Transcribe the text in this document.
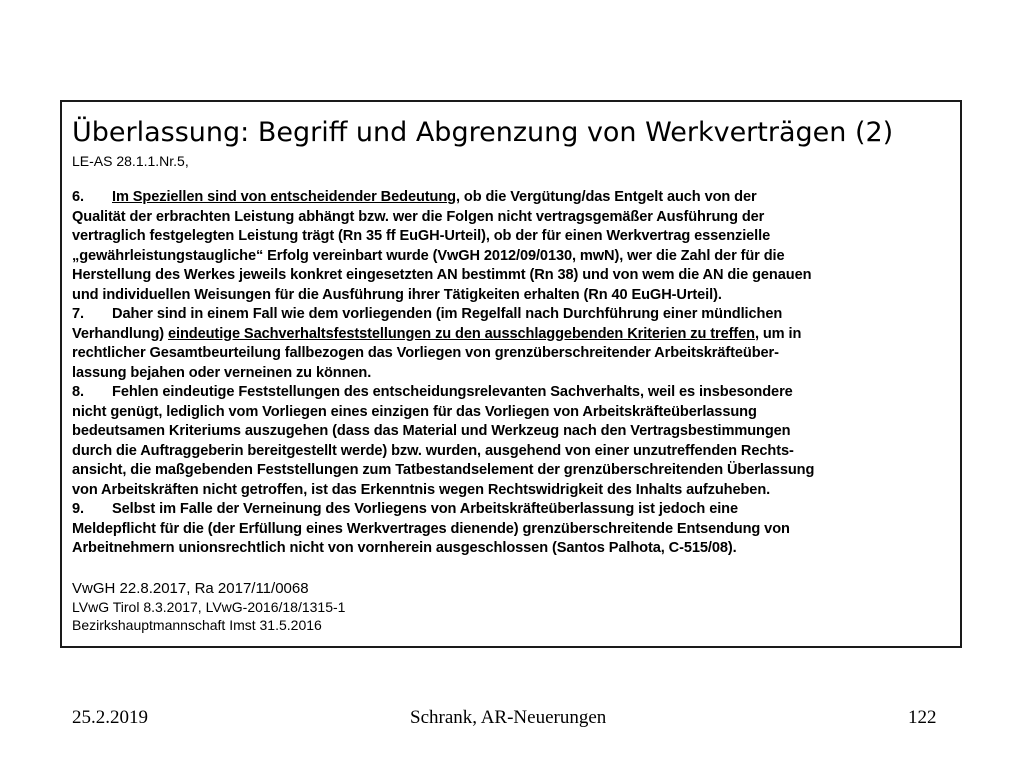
Überlassung: Begriff und Abgrenzung von Werkverträgen (2)

LE-AS 28.1.1.Nr.5,

6. Im Speziellen sind von entscheidender Bedeutung, ob die Vergütung/das Entgelt auch von der
Qualität der erbrachten Leistung abhängt bzw. wer die Folgen nicht vertragsgemäßer Ausführung der
vertraglich festgelegten Leistung trägt (Rn 35 ff EuGH-Urteil), ob der für einen Werkvertrag essenzielle
„gewährleistungstaugliche“ Erfolg vereinbart wurde (VwGH 2012/09/0130, mwN), wer die Zahl der für die
Herstellung des Werkes jeweils konkret eingesetzten AN bestimmt (Rn 38) und von wem die AN die genauen
und individuellen Weisungen für die Ausführung ihrer Tätigkeiten erhalten (Rn 40 EuGH-Urteil).
7. Daher sind in einem Fall wie dem vorliegenden (im Regelfall nach Durchführung einer mündlichen
Verhandlung) eindeutige Sachverhaltsfeststellungen zu den ausschlaggebenden Kriterien zu treffen, um in
rechtlicher Gesamtbeurteilung fallbezogen das Vorliegen von grenzüberschreitender Arbeitskräfteüber-
lassung bejahen oder verneinen zu können.
8. Fehlen eindeutige Feststellungen des entscheidungsrelevanten Sachverhalts, weil es insbesondere
nicht genügt, lediglich vom Vorliegen eines einzigen für das Vorliegen von Arbeitskräfteüberlassung
bedeutsamen Kriteriums auszugehen (dass das Material und Werkzeug nach den Vertragsbestimmungen
durch die Auftraggeberin bereitgestellt werde) bzw. wurden, ausgehend von einer unzutreffenden Rechts-
ansicht, die maßgebenden Feststellungen zum Tatbestandselement der grenzüberschreitenden Überlassung
von Arbeitskräften nicht getroffen, ist das Erkenntnis wegen Rechtswidrigkeit des Inhalts aufzuheben.
9. Selbst im Falle der Verneinung des Vorliegens von Arbeitskräfteüberlassung ist jedoch eine
Meldepflicht für die (der Erfüllung eines Werkvertrages dienende) grenzüberschreitende Entsendung von
Arbeitnehmern unionsrechtlich nicht von vornherein ausgeschlossen (Santos Palhota, C-515/08).
VwGH 22.8.2017, Ra 2017/11/0068
LVwG Tirol 8.3.2017, LVwG-2016/18/1315-1
Bezirkshauptmannschaft Imst 31.5.2016
25.2.2019	Schrank, AR-Neuerungen	122
